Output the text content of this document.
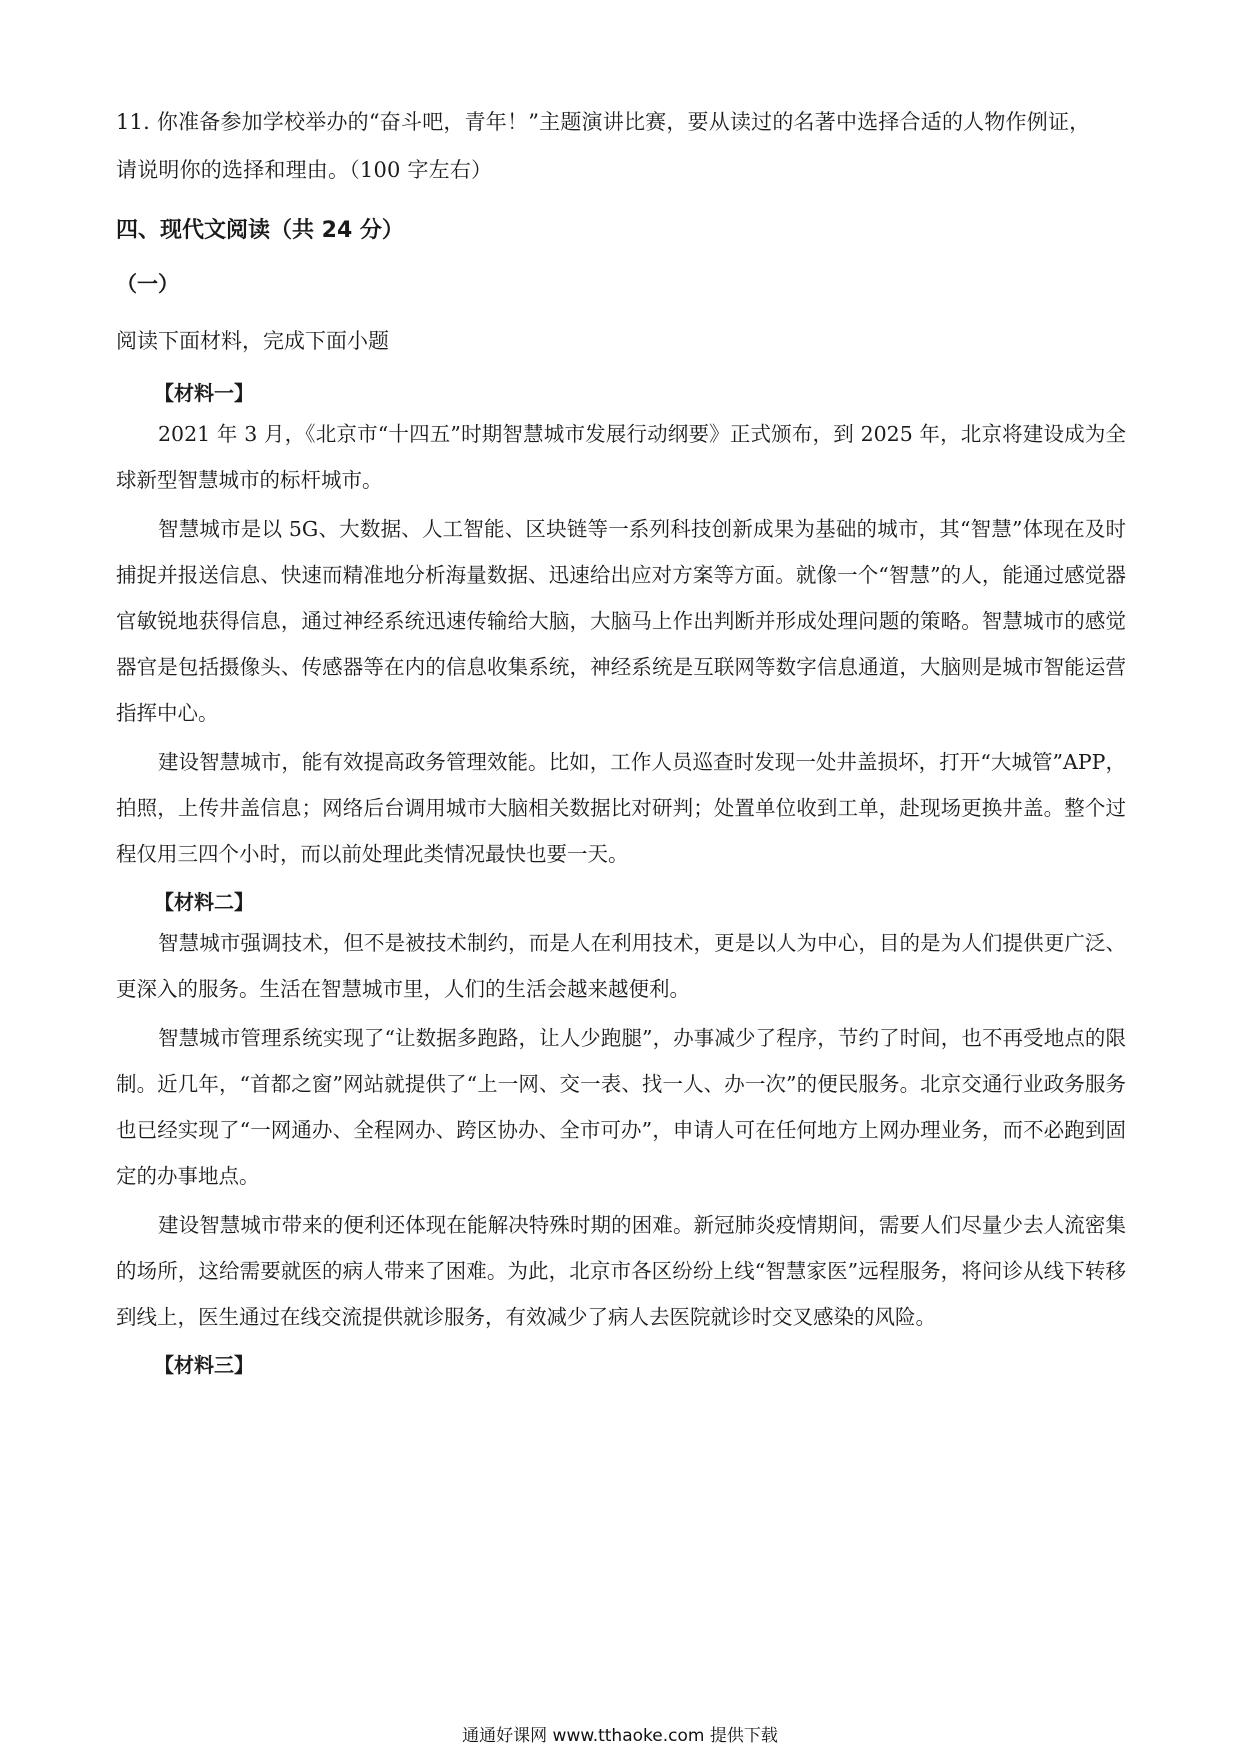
11. 你准备参加学校举办的“奋斗吧，青年！”主题演讲比赛，要从读过的名著中选择合适的人物作例证，
请说明你的选择和理由。（100 字左右）
四、现代文阅读（共 24 分）
（一）
阅读下面材料，完成下面小题
【材料一】

2021 年 3 月，《北京市“十四五”时期智慧城市发展行动纲要》正式颁布，到 2025 年，北京将建设成为全球新型智慧城市的标杆城市。

智慧城市是以 5G、大数据、人工智能、区块链等一系列科技创新成果为基础的城市，其“智慧”体现在及时捕捉并报送信息、快速而精准地分析海量数据、迅速给出应对方案等方面。就像一个“智慧”的人，能通过感觉器官敏锐地获得信息，通过神经系统迅速传输给大脑，大脑马上作出判断并形成处理问题的策略。智慧城市的感觉器官是包括摄像头、传感器等在内的信息收集系统，神经系统是互联网等数字信息通道，大脑则是城市智能运营指挥中心。

建设智慧城市，能有效提高政务管理效能。比如，工作人员巡查时发现一处井盖损坏，打开“大城管”APP，拍照，上传井盖信息；网络后台调用城市大脑相关数据比对研判；处置单位收到工单，赴现场更换井盖。整个过程仅用三四个小时，而以前处理此类情况最快也要一天。

【材料二】

智慧城市强调技术，但不是被技术制约，而是人在利用技术，更是以人为中心，目的是为人们提供更广泛、更深入的服务。生活在智慧城市里，人们的生活会越来越便利。

智慧城市管理系统实现了“让数据多跑路，让人少跑腿”，办事减少了程序，节约了时间，也不再受地点的限制。近几年，“首都之窗”网站就提供了“上一网、交一表、找一人、办一次”的便民服务。北京交通行业政务服务也已经实现了“一网通办、全程网办、跨区协办、全市可办”，申请人可在任何地方上网办理业务，而不必跑到固定的办事地点。

建设智慧城市带来的便利还体现在能解决特殊时期的困难。新冠肺炎疫情期间，需要人们尽量少去人流密集的场所，这给需要就医的病人带来了困难。为此，北京市各区纷纷上线“智慧家医”远程服务，将问诊从线下转移到线上，医生通过在线交流提供就诊服务，有效减少了病人去医院就诊时交叉感染的风险。

【材料三】
通通好课网 www.tthaoke.com 提供下载
